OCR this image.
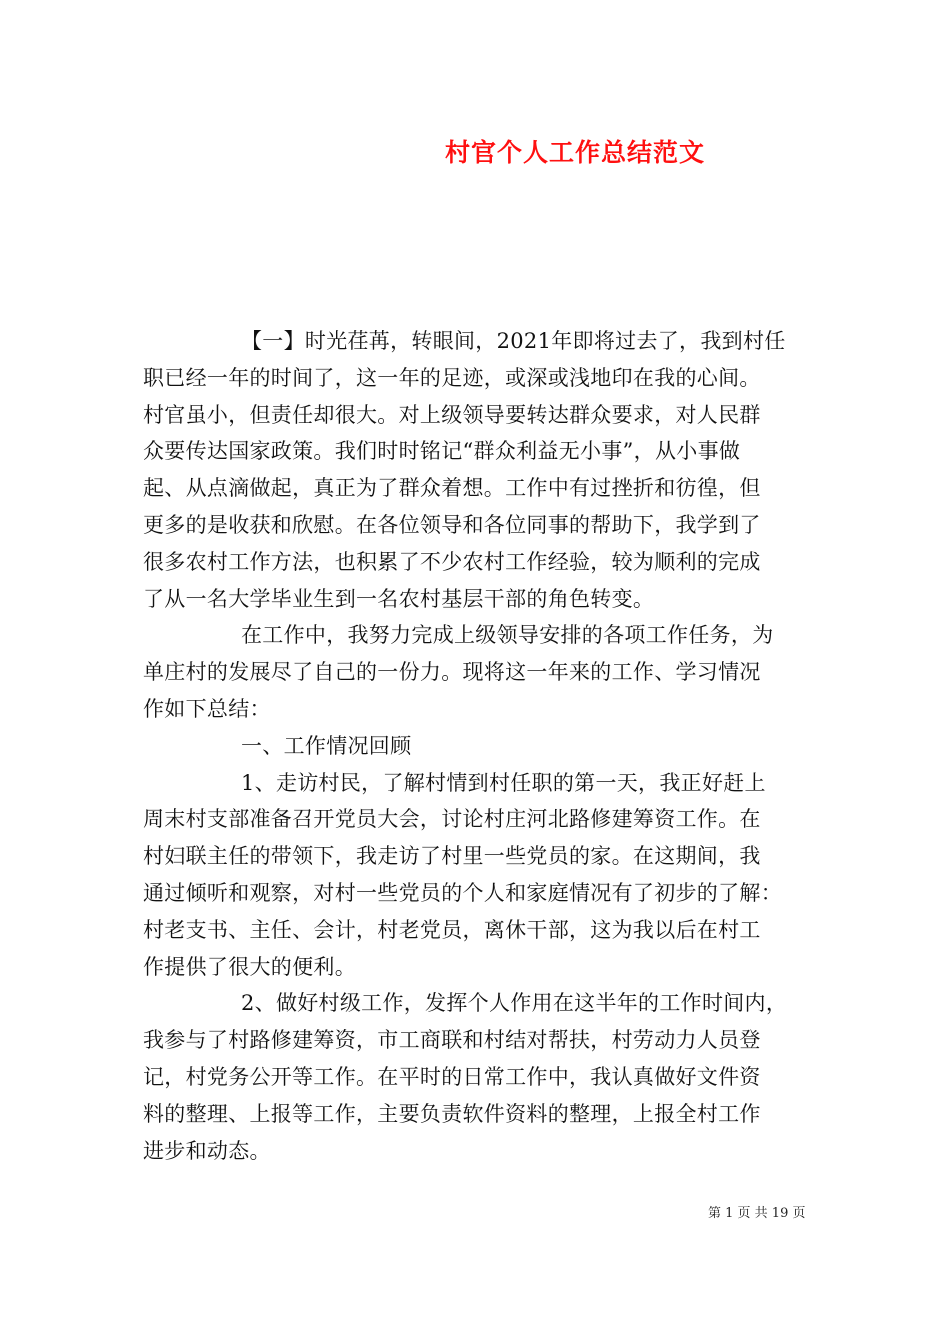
村官个人工作总结范文
【一】时光荏苒，转眼间，2021年即将过去了，我到村任
职已经一年的时间了，这一年的足迹，或深或浅地印在我的心间。
村官虽小，但责任却很大。对上级领导要转达群众要求，对人民群
众要传达国家政策。我们时时铭记“群众利益无小事”，从小事做
起、从点滴做起，真正为了群众着想。工作中有过挫折和彷徨，但
更多的是收获和欣慰。在各位领导和各位同事的帮助下，我学到了
很多农村工作方法，也积累了不少农村工作经验，较为顺利的完成
了从一名大学毕业生到一名农村基层干部的角色转变。
在工作中，我努力完成上级领导安排的各项工作任务，为
单庄村的发展尽了自己的一份力。现将这一年来的工作、学习情况
作如下总结：
一、工作情况回顾
1、走访村民，了解村情到村任职的第一天，我正好赶上
周末村支部准备召开党员大会，讨论村庄河北路修建筹资工作。在
村妇联主任的带领下，我走访了村里一些党员的家。在这期间，我
通过倾听和观察，对村一些党员的个人和家庭情况有了初步的了解：
村老支书、主任、会计，村老党员，离休干部，这为我以后在村工
作提供了很大的便利。
2、做好村级工作，发挥个人作用在这半年的工作时间内，
我参与了村路修建筹资，市工商联和村结对帮扶，村劳动力人员登
记，村党务公开等工作。在平时的日常工作中，我认真做好文件资
料的整理、上报等工作，主要负责软件资料的整理，上报全村工作
进步和动态。
第 1 页 共 19 页
